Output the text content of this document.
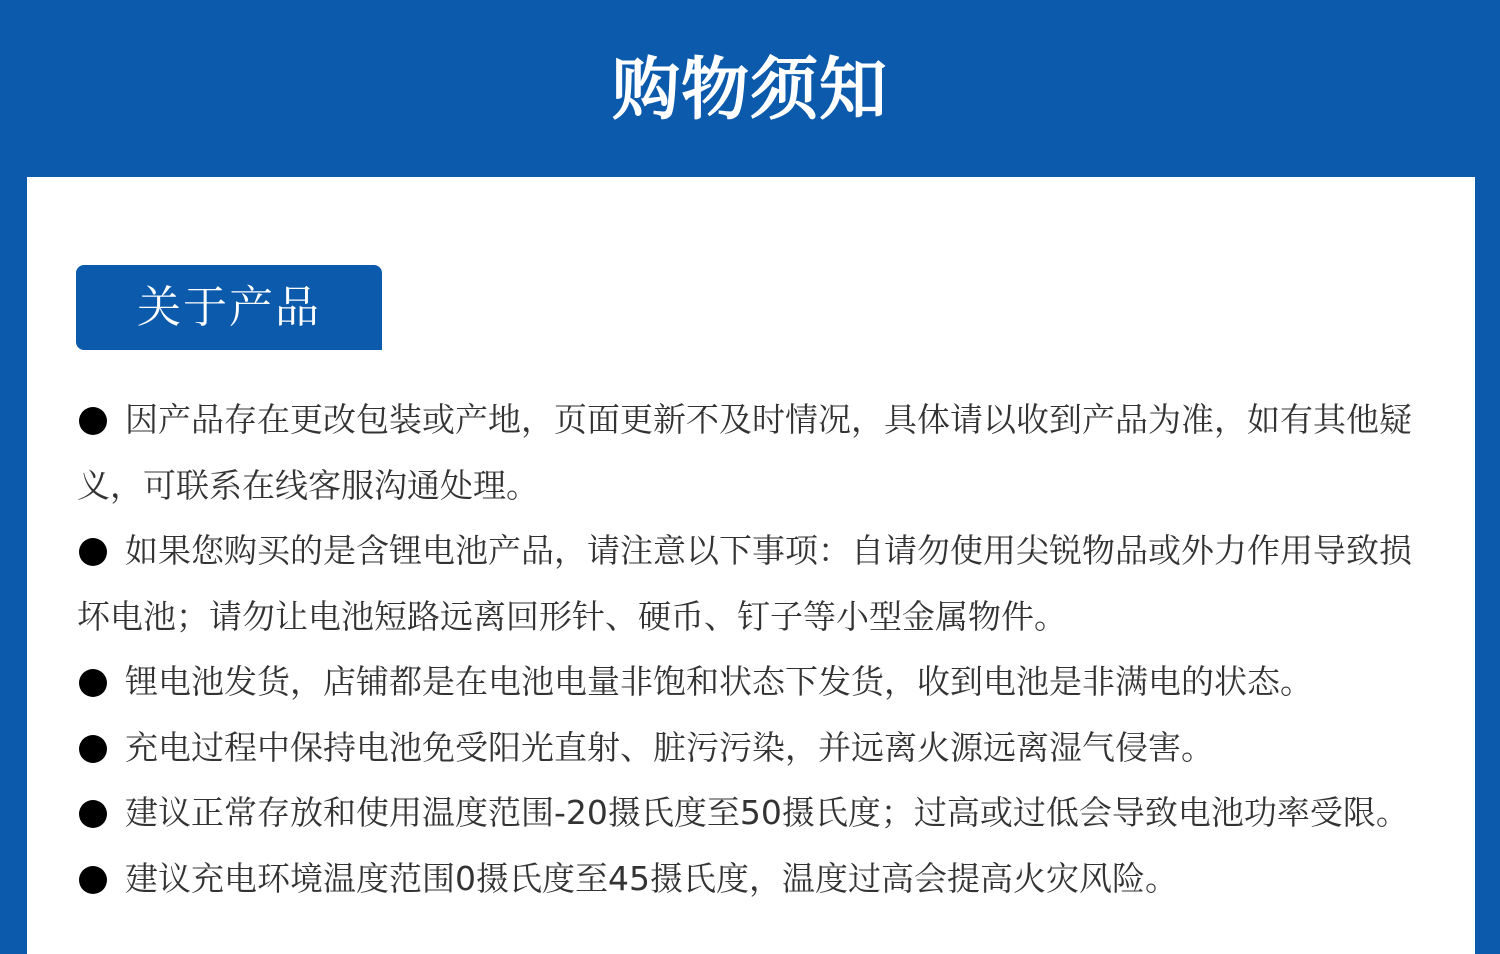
购物须知
关于产品
因产品存在更改包装或产地，页面更新不及时情况，具体请以收到产品为准，如有其他疑义，可联系在线客服沟通处理。
如果您购买的是含锂电池产品，请注意以下事项：自请勿使用尖锐物品或外力作用导致损坏电池；请勿让电池短路远离回形针、硬币、钉子等小型金属物件。
锂电池发货，店铺都是在电池电量非饱和状态下发货，收到电池是非满电的状态。
充电过程中保持电池免受阳光直射、脏污污染，并远离火源远离湿气侵害。
建议正常存放和使用温度范围-20摄氏度至50摄氏度；过高或过低会导致电池功率受限。
建议充电环境温度范围0摄氏度至45摄氏度，温度过高会提高火灾风险。
